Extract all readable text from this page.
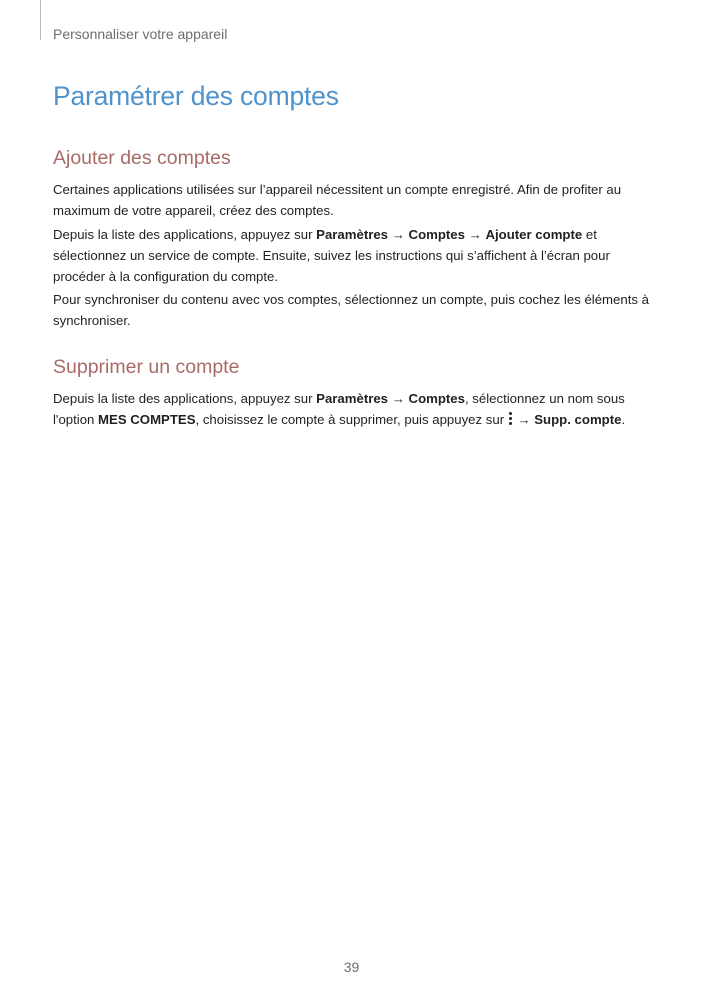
Personnaliser votre appareil
Paramétrer des comptes
Ajouter des comptes

Certaines applications utilisées sur l’appareil nécessitent un compte enregistré. Afin de profiter au maximum de votre appareil, créez des comptes.

Depuis la liste des applications, appuyez sur Paramètres → Comptes → Ajouter compte et sélectionnez un service de compte. Ensuite, suivez les instructions qui s’affichent à l’écran pour procéder à la configuration du compte.

Pour synchroniser du contenu avec vos comptes, sélectionnez un compte, puis cochez les éléments à synchroniser.

Supprimer un compte

Depuis la liste des applications, appuyez sur Paramètres → Comptes, sélectionnez un nom sous l'option MES COMPTES, choisissez le compte à supprimer, puis appuyez sur
→ Supp. compte.

39
